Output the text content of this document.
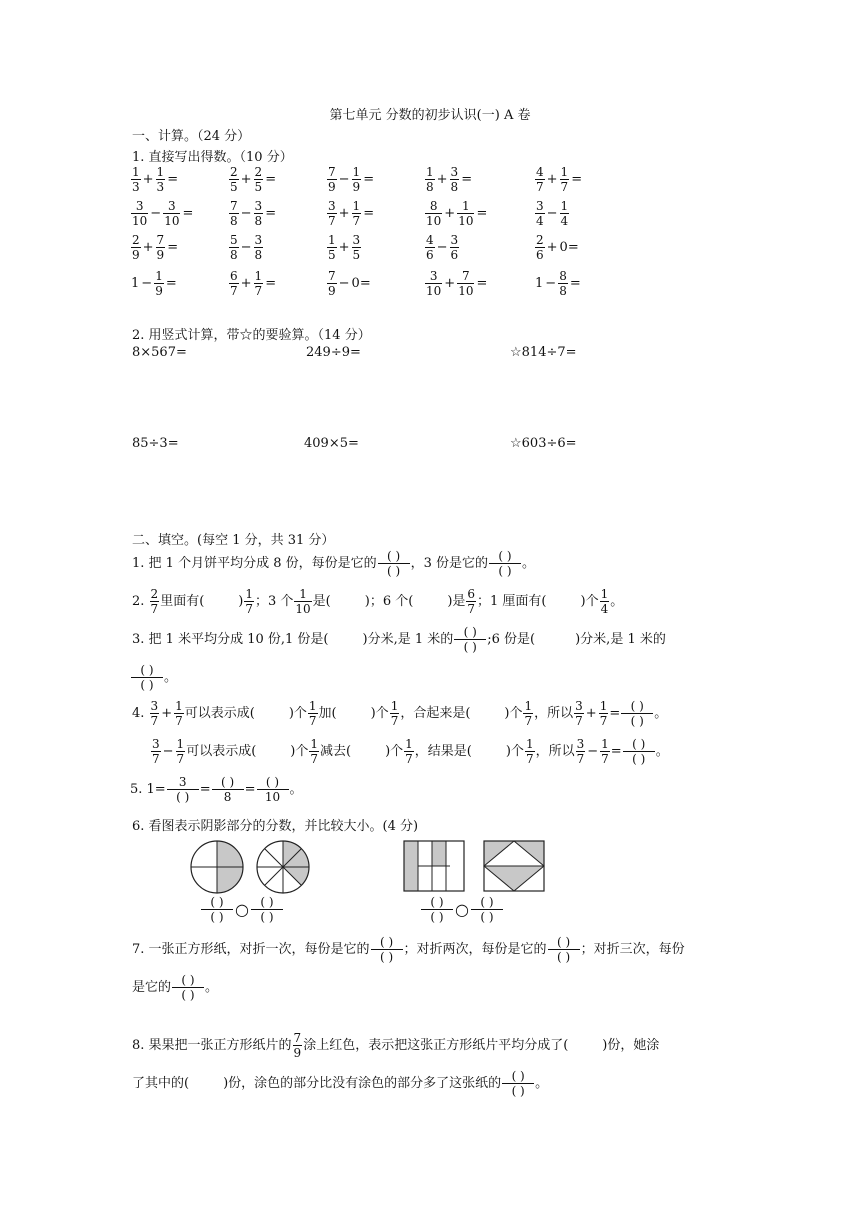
第七单元 分数的初步认识(一) A 卷
一、计算。（24 分）
1. 直接写出得数。（10 分）
$\frac{1}{3} + \frac{1}{3}$ =	$\frac{2}{5} + \frac{2}{5}$ =	$\frac{7}{9} - \frac{1}{9}$ =	$\frac{1}{8} + \frac{3}{8}$ =	$\frac{4}{7} + \frac{1}{7}$ =
$\frac{3}{10} - \frac{3}{10}$ =	$\frac{7}{8} - \frac{3}{8}$ =	$\frac{3}{7} + \frac{1}{7}$ =	$\frac{8}{10} + \frac{1}{10}$ =	$\frac{3}{4} - \frac{1}{4}$
$\frac{2}{9} + \frac{7}{9}$ =	$\frac{5}{8} - \frac{3}{8}$	$\frac{1}{5} + \frac{3}{5}$	$\frac{4}{6} - \frac{3}{6}$	$\frac{2}{6} + 0=$
$1 - \frac{1}{9}$ =	$\frac{6}{7} + \frac{1}{7}$ =	$\frac{7}{9} - 0=$	$\frac{3}{10} + \frac{7}{10}$ =	$1 - \frac{8}{8}$ =
2. 用竖式计算，带☆的要验算。（14 分）
8×567=	249÷9=	☆814÷7=
85÷3=	409×5=	☆603÷6=
二、填空。(每空 1 分，共 31 分）
1. 把 1 个月饼平均分成 8 份，每份是它的 ( )
( ) ，3 份是它的 ( )
( ) 。
2. $\frac{2}{7}$ 里面有(	) $\frac{1}{7}$ ；3 个 $\frac{1}{10}$ 是(	)；6 个(	)是 $\frac{6}{7}$ ；1 厘面有(	)个 $\frac{1}{4}$ 。
3. 把 1 米平均分成 10 份,1 份是(	)分米,是 1 米的 ( )
( ) ;6 份是(	)分米,是 1 米的
( )
( ) 。
4. $\frac{3}{7} + \frac{1}{7}$ 可以表示成(	)个 $\frac{1}{7}$ 加(	)个 $\frac{1}{7}$ ，合起来是(	)个 $\frac{1}{7}$ ，所以 $\frac{3}{7} + \frac{1}{7}$ = ( )
( ) 。
$\frac{3}{7} - \frac{1}{7}$ 可以表示成(	)个 $\frac{1}{7}$ 减去(	)个 $\frac{1}{7}$ ，结果是(	)个 $\frac{1}{7}$ ，所以 $\frac{3}{7} - \frac{1}{7}$ = ( )
( ) 。
5. 1=	3
( ) = ( )
8	= ( )
10 。
6. 看图表示阴影部分的分数，并比较大小。(4 分)
( )
( ) ○ ( )
( )
( )
( ) ○ ( )
( )
7. 一张正方形纸，对折一次，每份是它的 ( )
( ) ；对折两次，每份是它的 ( )
( ) ；对折三次，每份
是它的 ( )
( ) 。
8. 果果把一张正方形纸片的 $\frac{7}{9}$ 涂上红色，表示把这张正方形纸片平均分成了(	)份，她涂
了其中的(	)份，涂色的部分比没有涂色的部分多了这张纸的 ( )
( ) 。
